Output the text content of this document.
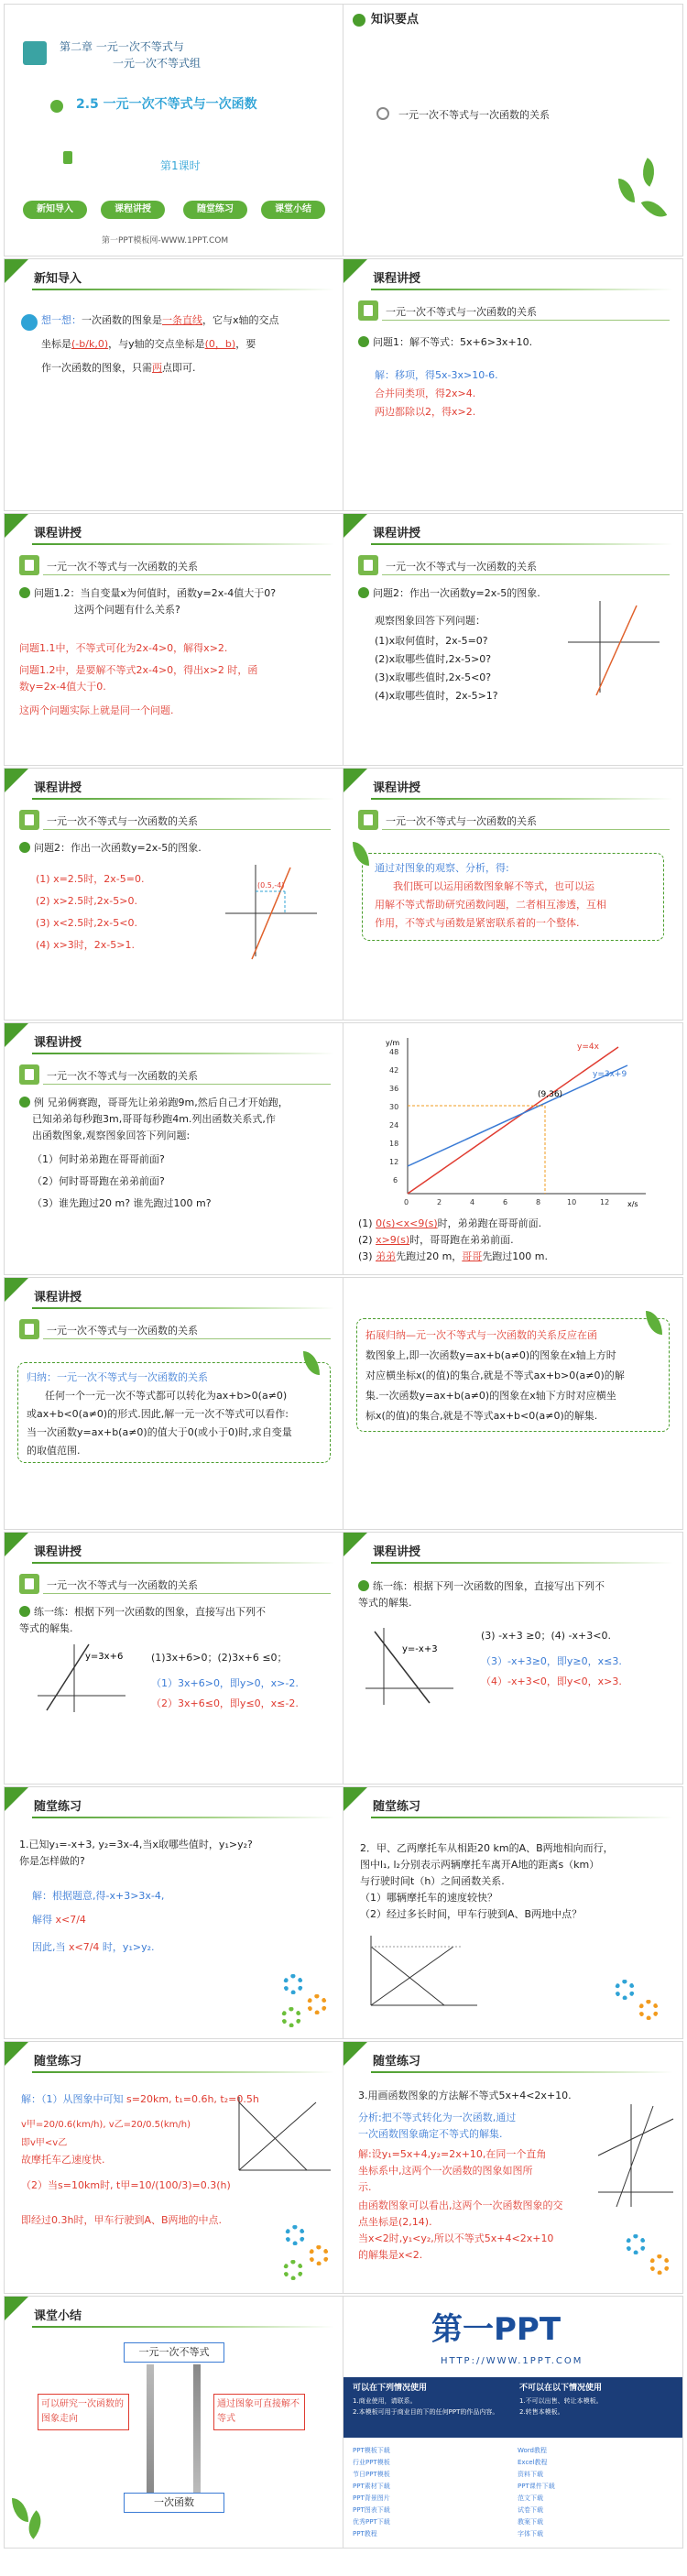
第二章 一元一次不等式与
一元一次不等式组
2.5 一元一次不等式与一次函数
第1课时
新知导入	课程讲授	随堂练习	课堂小结
第一PPT模板网-WWW.1PPT.COM
知识要点
一元一次不等式与一次函数的关系
新知导入
想一想：一次函数的图象是一条直线，它与x轴的交点
坐标是(-b/k,0)，与y轴的交点坐标是(0，b)，要
作一次函数的图象，只需两点即可.
课程讲授
一元一次不等式与一次函数的关系
问题1：解不等式：5x+6>3x+10.
解：移项，得5x-3x>10-6.
合并同类项，得2x>4.
两边都除以2，得x>2.
课程讲授
一元一次不等式与一次函数的关系
问题1.2：当自变量x为何值时，函数y=2x-4值大于0?
这两个问题有什么关系?
问题1.1中，不等式可化为2x-4>0，解得x>2.
问题1.2中，是要解不等式2x-4>0，得出x>2 时，函
数y=2x-4值大于0.
这两个问题实际上就是同一个问题.
课程讲授
一元一次不等式与一次函数的关系
问题2：作出一次函数y=2x-5的图象.
观察图象回答下列问题：
(1)x取何值时，2x-5=0?
(2)x取哪些值时,2x-5>0?
(3)x取哪些值时,2x-5<0?
(4)x取哪些值时，2x-5>1?
课程讲授
一元一次不等式与一次函数的关系
问题2：作出一次函数y=2x-5的图象.
(1) x=2.5时，2x-5=0.
(2) x>2.5时,2x-5>0.
(3) x<2.5时,2x-5<0.
(4) x>3时，2x-5>1.
(0.5,-4)
课程讲授
一元一次不等式与一次函数的关系
通过对图象的观察、分析，得:
我们既可以运用函数图象解不等式，也可以运
用解不等式帮助研究函数问题，二者相互渗透，互相
作用，不等式与函数是紧密联系着的一个整体.
课程讲授
一元一次不等式与一次函数的关系
例 兄弟俩赛跑，哥哥先让弟弟跑9m,然后自己才开始跑，
已知弟弟每秒跑3m,哥哥每秒跑4m.列出函数关系式,作
出函数图象,观察图象回答下列问题:
（1）何时弟弟跑在哥哥前面?
（2）何时哥哥跑在弟弟前面?
（3）谁先跑过20 m? 谁先跑过100 m?
y/m
x/s
48
42
36
30
24
18
12
6
0	2	4	6	8	10	12
(9,36)
y=4x
y=3x+9
(1) 0(s)<x<9(s)时，弟弟跑在哥哥前面.
(2) x>9(s)时，哥哥跑在弟弟前面.
(3) 弟弟先跑过20 m，哥哥先跑过100 m.
课程讲授
一元一次不等式与一次函数的关系
归纳：一元一次不等式与一次函数的关系
任何一个一元一次不等式都可以转化为ax+b>0(a≠0)
或ax+b<0(a≠0)的形式.因此,解一元一次不等式可以看作:
当一次函数y=ax+b(a≠0)的值大于0(或小于0)时,求自变量
的取值范围.
拓展归纳—元一次不等式与一次函数的关系反应在函
数图象上,即一次函数y=ax+b(a≠0)的图象在x轴上方时
对应横坐标x(的值)的集合,就是不等式ax+b>0(a≠0)的解
集.一次函数y=ax+b(a≠0)的图象在x轴下方时对应横坐
标x(的值)的集合,就是不等式ax+b<0(a≠0)的解集.
课程讲授
一元一次不等式与一次函数的关系
练一练：根据下列一次函数的图象，直接写出下列不
等式的解集.
y=3x+6	(1)3x+6>0；(2)3x+6 ≤0；
（1）3x+6>0，即y>0，x>-2.
（2）3x+6≤0，即y≤0，x≤-2.
课程讲授
练一练：根据下列一次函数的图象，直接写出下列不
等式的解集.
y=-x+3
(3) -x+3 ≥0；(4) -x+3<0.
（3）-x+3≥0，即y≥0，x≤3.
（4）-x+3<0，即y<0，x>3.
随堂练习
1.已知y₁=-x+3, y₂=3x-4,当x取哪些值时，y₁>y₂?
你是怎样做的?
解：根据题意,得-x+3>3x-4,
解得 x<7/4
因此,当 x<7/4 时，y₁>y₂.
随堂练习
2．甲、乙两摩托车从相距20 km的A、B两地相向而行，
图中l₁, l₂分别表示两辆摩托车离开A地的距离s（km）
与行驶时间t（h）之间函数关系.
（1）哪辆摩托车的速度较快？
（2）经过多长时间，甲车行驶到A、B两地中点？
随堂练习
解：（1）从图象中可知 s=20km, t₁=0.6h, t₂=0.5h
v甲=20/0.6(km/h), v乙=20/0.5(km/h)
即v甲<v乙
故摩托车乙速度快.
（2）当s=10km时, t甲=10/(100/3)=0.3(h)
即经过0.3h时，甲车行驶到A、B两地的中点.
随堂练习
3.用画函数图象的方法解不等式5x+4<2x+10.
分析:把不等式转化为一次函数,通过
一次函数图象确定不等式的解集.
解:设y₁=5x+4,y₂=2x+10,在同一个直角
坐标系中,这两个一次函数的图象如图所
示.
由函数图象可以看出,这两个一次函数图象的交
点坐标是(2,14).
当x<2时,y₁<y₂,所以不等式5x+4<2x+10
的解集是x<2.
课堂小结
一元一次不等式
可以研究一次函数的图象走向
通过图象可直接解不等式
一次函数
第一PPT
HTTP://WWW.1PPT.COM
可以在下列情况使用
1.商业使用，请联系。
2.本模板可用于商业目的下的任何PPT的作品内容。
不可以在以下情况使用
1.不可以出售、转让本模板。
2.转售本模板。
PPT模板下载
行业PPT模板
节日PPT模板
PPT素材下载
PPT背景图片
PPT图表下载
优秀PPT下载
PPT教程
Word教程
Excel教程
资料下载
PPT课件下载
范文下载
试卷下载
教案下载
字体下载
